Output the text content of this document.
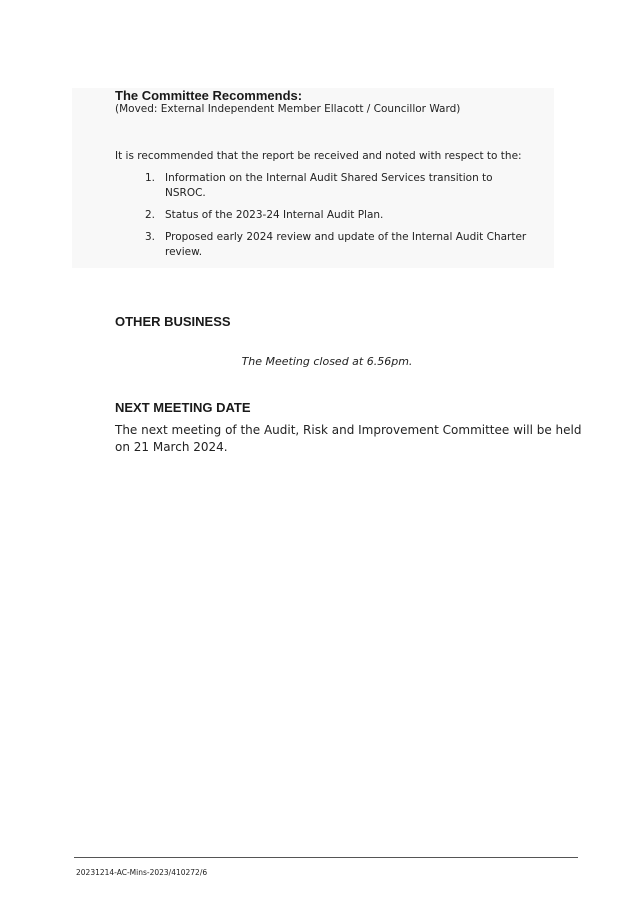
The Committee Recommends:
(Moved: External Independent Member Ellacott / Councillor Ward)
It is recommended that the report be received and noted with respect to the:
1. Information on the Internal Audit Shared Services transition to NSROC.
2. Status of the 2023-24 Internal Audit Plan.
3. Proposed early 2024 review and update of the Internal Audit Charter review.
OTHER BUSINESS
The Meeting closed at 6.56pm.
NEXT MEETING DATE
The next meeting of the Audit, Risk and Improvement Committee will be held on 21 March 2024.
20231214-AC-Mins-2023/410272/6
